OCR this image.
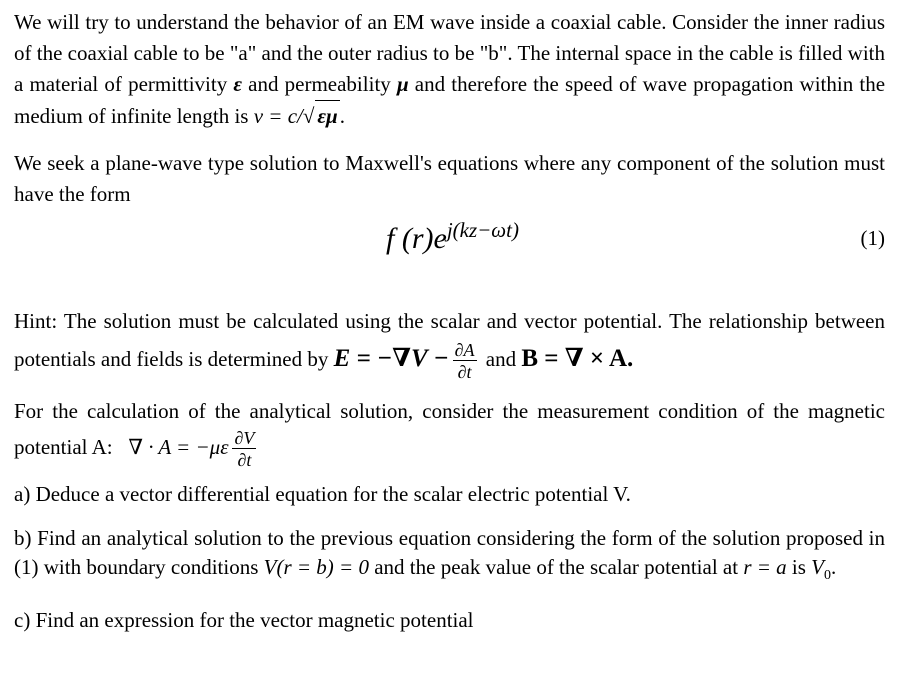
We will try to understand the behavior of an EM wave inside a coaxial cable. Consider the inner radius of the coaxial cable to be "a" and the outer radius to be "b". The internal space in the cable is filled with a material of permittivity ε and permeability μ and therefore the speed of wave propagation within the medium of infinite length is v = c/√ εμ.

We seek a plane-wave type solution to Maxwell's equations where any component of the solution must have the form

f $(r)e^{j(kz-\omega t)}$	(1)

Hint: The solution must be calculated using the scalar and vector potential. The relationship between potentials and fields is determined by $E = -\nabla V - \frac{\partial A}{\partial t}$ and B = ∇ × A.

For the calculation of the analytical solution, consider the measurement condition of the magnetic potential A: ∇ · $A = -\mu\varepsilon \frac{\partial V}{\partial t}$

a) Deduce a vector differential equation for the scalar electric potential V.

b) Find an analytical solution to the previous equation considering the form of the solution proposed in (1) with boundary conditions V(r = b) = 0 and the peak value of the scalar potential at r = a is $V_0$.

c) Find an expression for the vector magnetic potential
